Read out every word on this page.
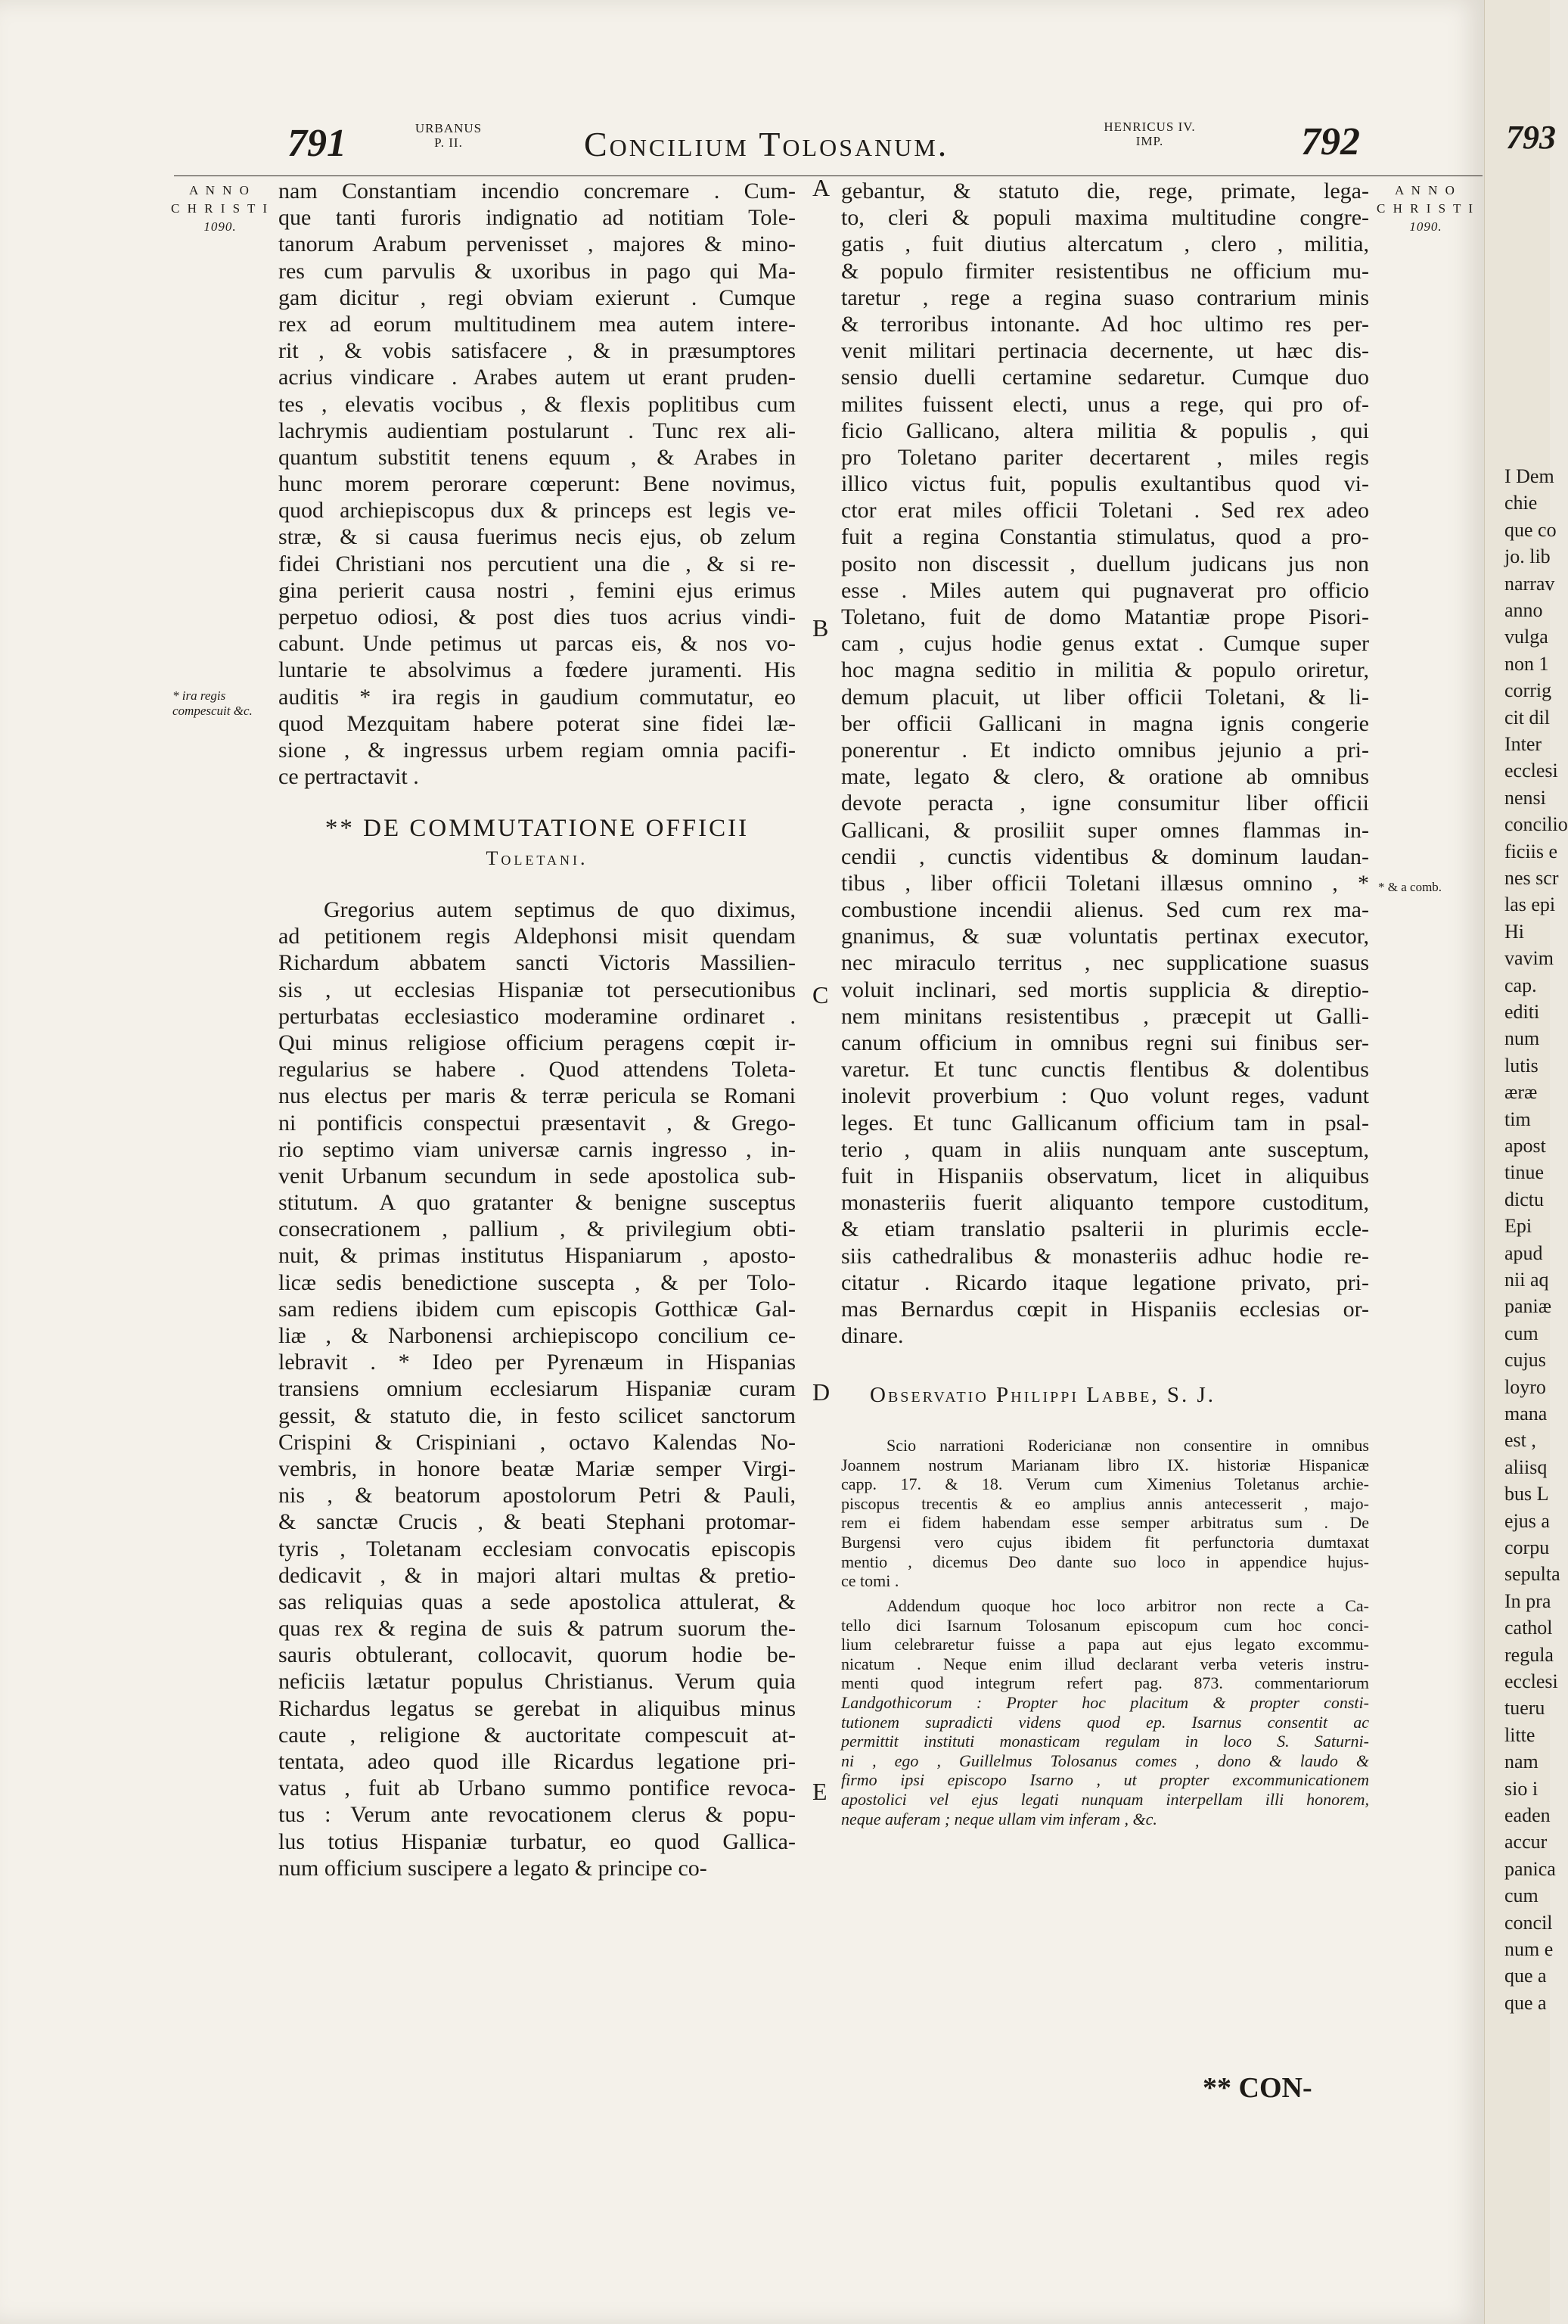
791	URBANUS
P. II.	Concilium Tolosanum.	HENRICUS IV.
IMP.	792
A N N O
C H R I S T I
1090.
* ira regis compescuit &c.
A
B
C
D
E
nam Constantiam incendio concremare . Cum-
que tanti furoris indignatio ad notitiam Tole-
tanorum Arabum pervenisset , majores & mino-
res cum parvulis & uxoribus in pago qui Ma-
gam dicitur , regi obviam exierunt . Cumque
rex ad eorum multitudinem mea autem intere-
rit , & vobis satisfacere , & in præsumptores
acrius vindicare . Arabes autem ut erant pruden-
tes , elevatis vocibus , & flexis poplitibus cum
lachrymis audientiam postularunt . Tunc rex ali-
quantum substitit tenens equum , & Arabes in
hunc morem perorare cœperunt: Bene novimus,
quod archiepiscopus dux & princeps est legis ve-
stræ, & si causa fuerimus necis ejus, ob zelum
fidei Christiani nos percutient una die , & si re-
gina perierit causa nostri , femini ejus erimus
perpetuo odiosi, & post dies tuos acrius vindi-
cabunt. Unde petimus ut parcas eis, & nos vo-
luntarie te absolvimus a fœdere juramenti. His
auditis * ira regis in gaudium commutatur, eo
quod Mezquitam habere poterat sine fidei læ-
sione , & ingressus urbem regiam omnia pacifi-
ce pertractavit .
** DE COMMUTATIONE OFFICII
Toletani.
Gregorius autem septimus de quo diximus,
ad petitionem regis Aldephonsi misit quendam
Richardum abbatem sancti Victoris Massilien-
sis , ut ecclesias Hispaniæ tot persecutionibus
perturbatas ecclesiastico moderamine ordinaret .
Qui minus religiose officium peragens cœpit ir-
regularius se habere . Quod attendens Toleta-
nus electus per maris & terræ pericula se Romani
ni pontificis conspectui præsentavit , & Grego-
rio septimo viam universæ carnis ingresso , in-
venit Urbanum secundum in sede apostolica sub-
stitutum. A quo gratanter & benigne susceptus
consecrationem , pallium , & privilegium obti-
nuit, & primas institutus Hispaniarum , aposto-
licæ sedis benedictione suscepta , & per Tolo-
sam rediens ibidem cum episcopis Gotthicæ Gal-
liæ , & Narbonensi archiepiscopo concilium ce-
lebravit . * Ideo per Pyrenæum in Hispanias
transiens omnium ecclesiarum Hispaniæ curam
gessit, & statuto die, in festo scilicet sanctorum
Crispini & Crispiniani , octavo Kalendas No-
vembris, in honore beatæ Mariæ semper Virgi-
nis , & beatorum apostolorum Petri & Pauli,
& sanctæ Crucis , & beati Stephani protomar-
tyris , Toletanam ecclesiam convocatis episcopis
dedicavit , & in majori altari multas & pretio-
sas reliquias quas a sede apostolica attulerat, &
quas rex & regina de suis & patrum suorum the-
sauris obtulerant, collocavit, quorum hodie be-
neficiis lætatur populus Christianus. Verum quia
Richardus legatus se gerebat in aliquibus minus
caute , religione & auctoritate compescuit at-
tentata, adeo quod ille Ricardus legatione pri-
vatus , fuit ab Urbano summo pontifice revoca-
tus : Verum ante revocationem clerus & popu-
lus totius Hispaniæ turbatur, eo quod Gallica-
num officium suscipere a legato & principe co-
gebantur, & statuto die, rege, primate, lega-
to, cleri & populi maxima multitudine congre-
gatis , fuit diutius altercatum , clero , militia,
& populo firmiter resistentibus ne officium mu-
taretur , rege a regina suaso contrarium minis
& terroribus intonante. Ad hoc ultimo res per-
venit militari pertinacia decernente, ut hæc dis-
sensio duelli certamine sedaretur. Cumque duo
milites fuissent electi, unus a rege, qui pro of-
ficio Gallicano, altera militia & populis , qui
pro Toletano pariter decertarent , miles regis
illico victus fuit, populis exultantibus quod vi-
ctor erat miles officii Toletani . Sed rex adeo
fuit a regina Constantia stimulatus, quod a pro-
posito non discessit , duellum judicans jus non
esse . Miles autem qui pugnaverat pro officio
Toletano, fuit de domo Matantiæ prope Pisori-
cam , cujus hodie genus extat . Cumque super
hoc magna seditio in militia & populo oriretur,
demum placuit, ut liber officii Toletani, & li-
ber officii Gallicani in magna ignis congerie
ponerentur . Et indicto omnibus jejunio a pri-
mate, legato & clero, & oratione ab omnibus
devote peracta , igne consumitur liber officii
Gallicani, & prosiliit super omnes flammas in-
cendii , cunctis videntibus & dominum laudan-
tibus , liber officii Toletani illæsus omnino , *
combustione incendii alienus. Sed cum rex ma-
gnanimus, & suæ voluntatis pertinax executor,
nec miraculo territus , nec supplicatione suasus
voluit inclinari, sed mortis supplicia & direptio-
nem minitans resistentibus , præcepit ut Galli-
canum officium in omnibus regni sui finibus ser-
varetur. Et tunc cunctis flentibus & dolentibus
inolevit proverbium : Quo volunt reges, vadunt
leges. Et tunc Gallicanum officium tam in psal-
terio , quam in aliis nunquam ante susceptum,
fuit in Hispaniis observatum, licet in aliquibus
monasteriis fuerit aliquanto tempore custoditum,
& etiam translatio psalterii in plurimis eccle-
siis cathedralibus & monasteriis adhuc hodie re-
citatur . Ricardo itaque legatione privato, pri-
mas Bernardus cœpit in Hispaniis ecclesias or-
dinare.
Observatio Philippi Labbe, S. J.
Scio narrationi Rodericianæ non consentire in omnibus
Joannem nostrum Marianam libro IX. historiæ Hispanicæ
capp. 17. & 18. Verum cum Ximenius Toletanus archie-
piscopus trecentis & eo amplius annis antecesserit , majo-
rem ei fidem habendam esse semper arbitratus sum . De
Burgensi vero cujus ibidem fit perfunctoria dumtaxat
mentio , dicemus Deo dante suo loco in appendice hujus-
ce tomi .
Addendum quoque hoc loco arbitror non recte a Ca-
tello dici Isarnum Tolosanum episcopum cum hoc conci-
lium celebraretur fuisse a papa aut ejus legato excommu-
nicatum . Neque enim illud declarant verba veteris instru-
menti quod integrum refert pag. 873. commentariorum
Landgothicorum : Propter hoc placitum & propter consti-
tutionem supradicti videns quod ep. Isarnus consentit ac
permittit instituti monasticam regulam in loco S. Saturni-
ni , ego , Guillelmus Tolosanus comes , dono & laudo &
firmo ipsi episcopo Isarno , ut propter excommunicationem
apostolici vel ejus legati nunquam interpellam illi honorem,
neque auferam ; neque ullam vim inferam , &c.
** CON-
* & a comb.
A N N O
C H R I S T I
1090.
793
I Dem
chie
que co
jo. lib
narrav
anno
vulga
non 1
corrig
cit dil
Inter
ecclesi
nensi
concilio
ficiis e
nes scr
las epi
Hi
vavim
cap.
editi
num
lutis
æræ
tim
apost
tinue
dictu
Epi
apud
nii aq
paniæ
cum
cujus
loyro
mana
est ,
aliisq
bus L
ejus a
corpu
sepulta
In pra
cathol
regula
ecclesi
tueru
litte
nam
sio i
eaden
accur
panica
cum
concil
num e
que a
que a
